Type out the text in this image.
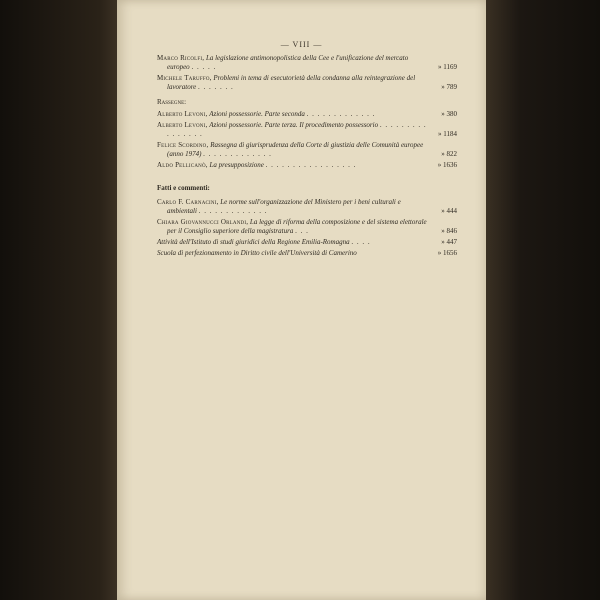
— VIII —
Marco Ricolfi, La legislazione antimonopolistica della Cee e l'unificazione del mercato europeo . . . . .	» 1169
Michele Taruffo, Problemi in tema di esecutorietà della condanna alla reintegrazione del lavoratore . . . . . . .	» 789
Rassegne:
Alberto Levoni, Azioni possessorie. Parte seconda . . . . . . . . . . . . .	» 380
Alberto Levoni, Azioni possessorie. Parte terza. Il procedimento possessorio . . . . . . . . . . . . . . . .	» 1184
Felice Scordino, Rassegna di giurisprudenza della Corte di giustizia delle Comunità europee (anno 1974) . . . . . . . . . . . . .	» 822
Aldo Pellicanò, La presupposizione . . . . . . . . . . . . . . . . .	» 1636
Fatti e commenti:
Carlo F. Carnacini, Le norme sull'organizzazione del Ministero per i beni culturali e ambientali . . . . . . . . . . . . .	» 444
Chiara Giovannucci Orlandi, La legge di riforma della composizione e del sistema elettorale per il Consiglio superiore della magistratura . . .	» 846
Attività dell'Istituto di studi giuridici della Regione Emilia-Romagna . . . .	» 447
Scuola di perfezionamento in Diritto civile dell'Università di Camerino	» 1656
